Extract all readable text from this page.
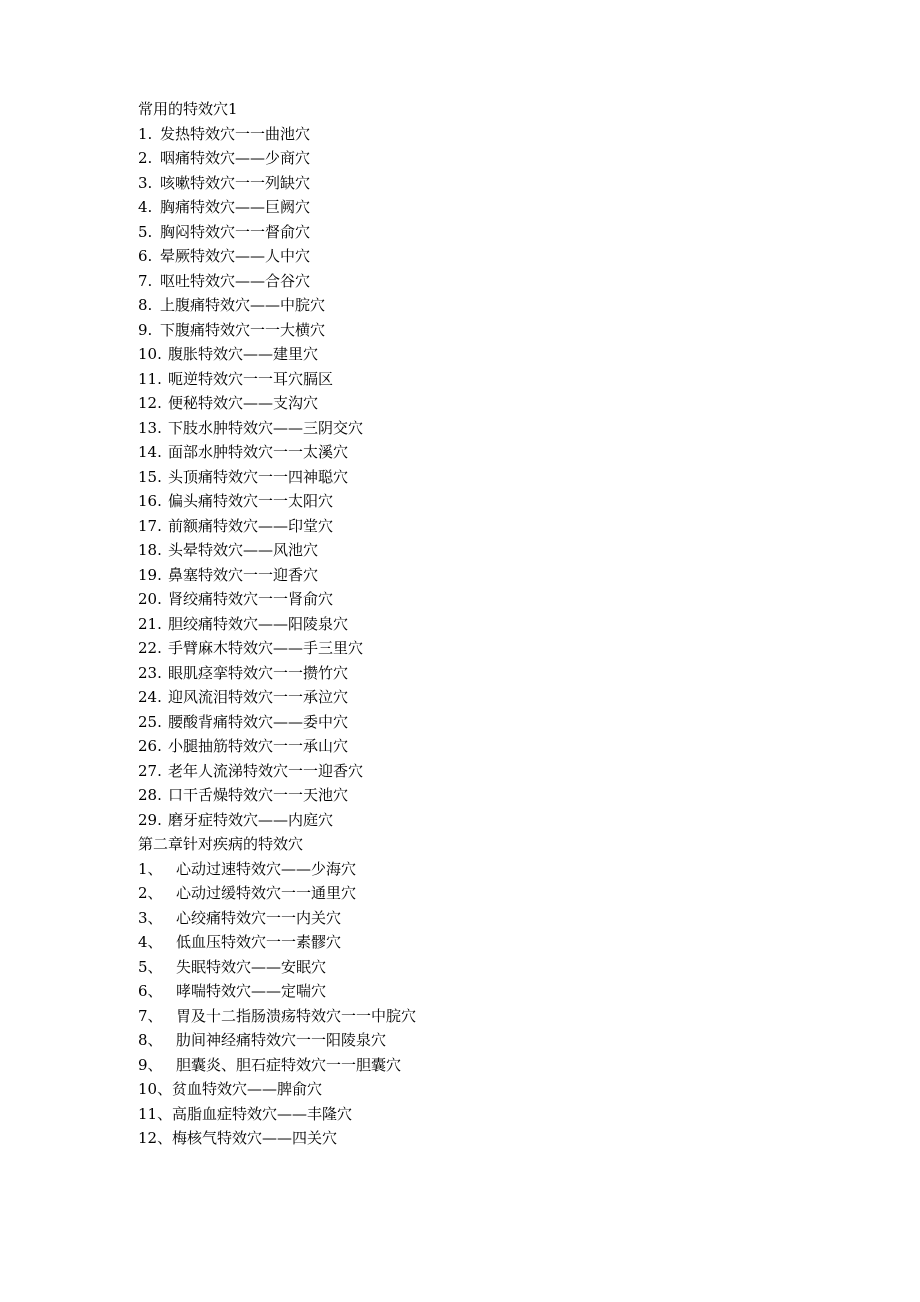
常用的特效穴1
1. 发热特效穴一一曲池穴
2. 咽痛特效穴——少商穴
3. 咳嗽特效穴一一列缺穴
4. 胸痛特效穴——巨阙穴
5. 胸闷特效穴一一督俞穴
6. 晕厥特效穴——人中穴
7. 呕吐特效穴——合谷穴
8. 上腹痛特效穴——中脘穴
9. 下腹痛特效穴一一大横穴
10. 腹胀特效穴——建里穴
11. 呃逆特效穴一一耳穴膈区
12. 便秘特效穴——支沟穴
13. 下肢水肿特效穴——三阴交穴
14. 面部水肿特效穴一一太溪穴
15. 头顶痛特效穴一一四神聪穴
16. 偏头痛特效穴一一太阳穴
17. 前额痛特效穴——印堂穴
18. 头晕特效穴——风池穴
19. 鼻塞特效穴一一迎香穴
20. 肾绞痛特效穴一一肾俞穴
21. 胆绞痛特效穴——阳陵泉穴
22. 手臂麻木特效穴——手三里穴
23. 眼肌痉挛特效穴一一攒竹穴
24. 迎风流泪特效穴一一承泣穴
25. 腰酸背痛特效穴——委中穴
26. 小腿抽筋特效穴一一承山穴
27. 老年人流涕特效穴一一迎香穴
28. 口干舌燥特效穴一一天池穴
29. 磨牙症特效穴——内庭穴
第二章针对疾病的特效穴
1、 心动过速特效穴——少海穴
2、 心动过缓特效穴一一通里穴
3、 心绞痛特效穴一一内关穴
4、 低血压特效穴一一素髎穴
5、 失眠特效穴——安眠穴
6、 哮喘特效穴——定喘穴
7、 胃及十二指肠溃疡特效穴一一中脘穴
8、 肋间神经痛特效穴一一阳陵泉穴
9、 胆囊炎、胆石症特效穴一一胆囊穴
10、贫血特效穴——脾俞穴
11、高脂血症特效穴——丰隆穴
12、梅核气特效穴——四关穴
